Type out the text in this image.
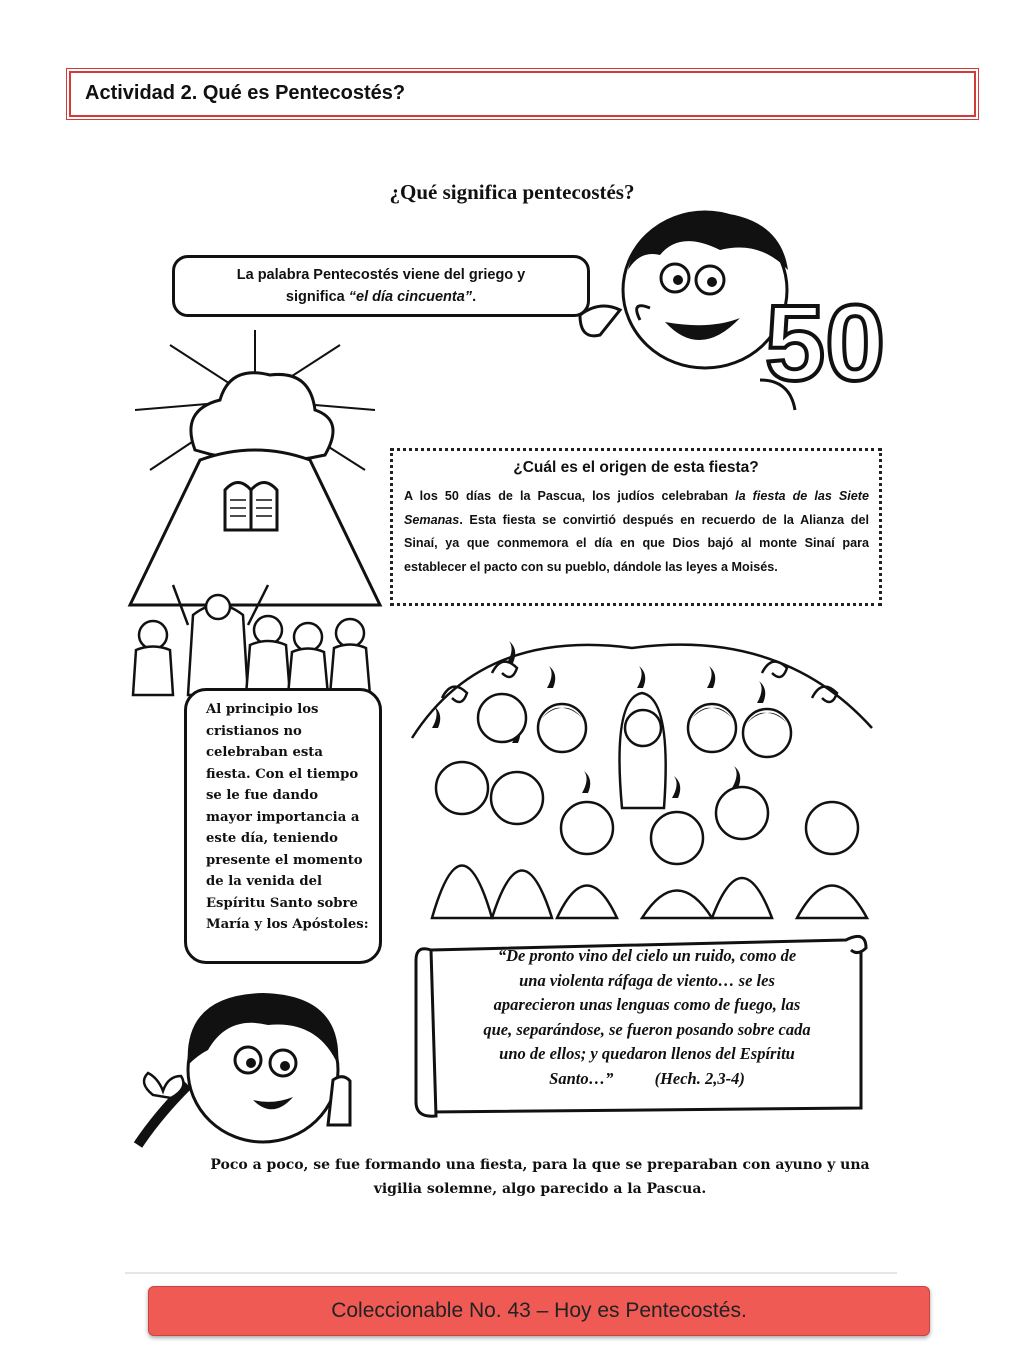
Actividad 2. Qué es Pentecostés?
¿Qué significa pentecostés?
La palabra Pentecostés viene del griego y
significa “el día cincuenta”.	50
¿Cuál es el origen de esta fiesta?
A los 50 días de la Pascua, los judíos celebraban la fiesta de las Siete Semanas. Esta fiesta se convirtió después en recuerdo de la Alianza del Sinaí, ya que conmemora el día en que Dios bajó al monte Sinaí para establecer el pacto con su pueblo, dándole las leyes a Moisés.
Al principio los
cristianos no
celebraban esta
fiesta. Con el tiempo
se le fue dando
mayor importancia a
este día, teniendo
presente el momento
de la venida del
Espíritu Santo sobre
María y los Apóstoles:
“De pronto vino del cielo un ruido, como de
una violenta ráfaga de viento… se les
aparecieron unas lenguas como de fuego, las
que, separándose, se fueron posando sobre cada
uno de ellos; y quedaron llenos del Espíritu
Santo…”          (Hech. 2,3-4)
Poco a poco, se fue formando una fiesta, para la que se preparaban con ayuno y una
vigilia solemne, algo parecido a la Pascua.
Coleccionable No. 43 – Hoy es Pentecostés.
